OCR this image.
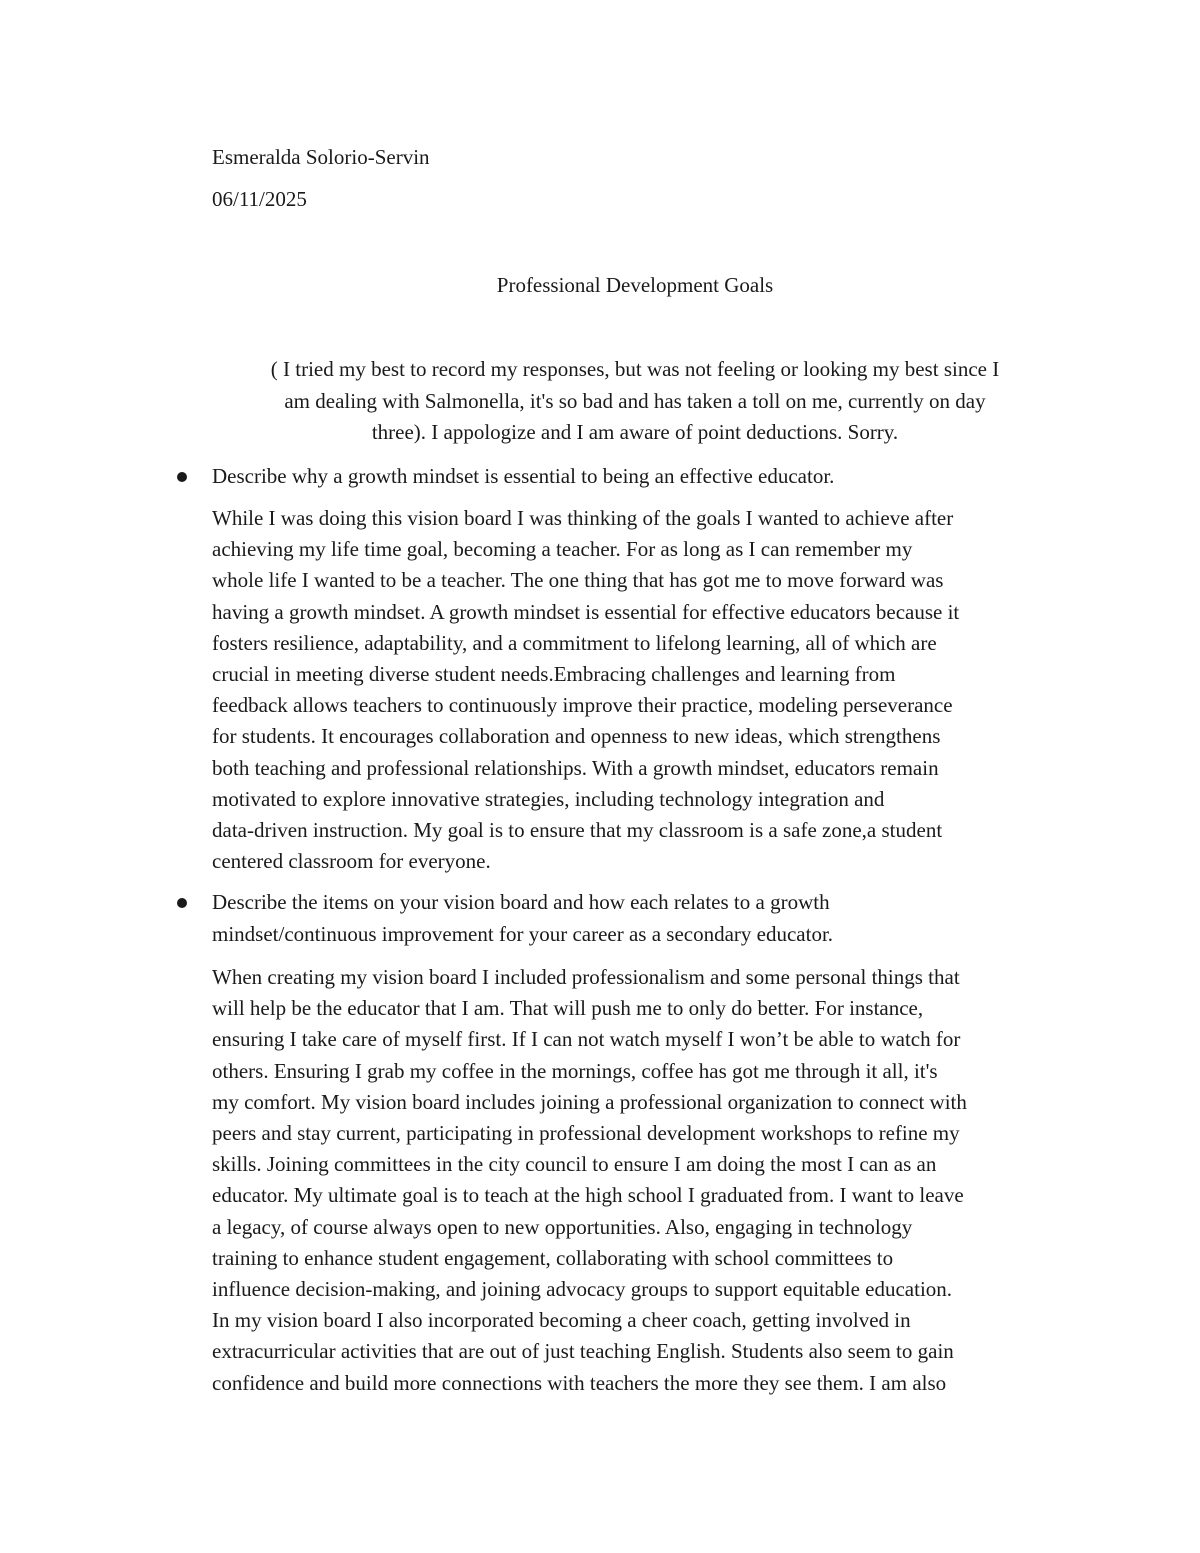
Esmeralda Solorio-Servin
06/11/2025
Professional Development Goals
( I tried my best to record my responses, but was not feeling or looking my best since I
am dealing with Salmonella, it's so bad and has taken a toll on me, currently on day
three). I appologize and I am aware of point deductions. Sorry.
Describe why a growth mindset is essential to being an effective educator.
While I was doing this vision board I was thinking of the goals I wanted to achieve after
achieving my life time goal, becoming a teacher. For as long as I can remember my
whole life I wanted to be a teacher. The one thing that has got me to move forward was
having a growth mindset. A growth mindset is essential for effective educators because it
fosters resilience, adaptability, and a commitment to lifelong learning, all of which are
crucial in meeting diverse student needs.Embracing challenges and learning from
feedback allows teachers to continuously improve their practice, modeling perseverance
for students. It encourages collaboration and openness to new ideas, which strengthens
both teaching and professional relationships. With a growth mindset, educators remain
motivated to explore innovative strategies, including technology integration and
data-driven instruction. My goal is to ensure that my classroom is a safe zone,a student
centered classroom for everyone.
Describe the items on your vision board and how each relates to a growth
mindset/continuous improvement for your career as a secondary educator.
When creating my vision board I included professionalism and some personal things that
will help be the educator that I am. That will push me to only do better. For instance,
ensuring I take care of myself first. If I can not watch myself I won’t be able to watch for
others. Ensuring I grab my coffee in the mornings, coffee has got me through it all, it's
my comfort. My vision board includes joining a professional organization to connect with
peers and stay current, participating in professional development workshops to refine my
skills. Joining committees in the city council to ensure I am doing the most I can as an
educator. My ultimate goal is to teach at the high school I graduated from. I want to leave
a legacy, of course always open to new opportunities. Also, engaging in technology
training to enhance student engagement, collaborating with school committees to
influence decision-making, and joining advocacy groups to support equitable education.
In my vision board I also incorporated becoming a cheer coach, getting involved in
extracurricular activities that are out of just teaching English. Students also seem to gain
confidence and build more connections with teachers the more they see them. I am also
